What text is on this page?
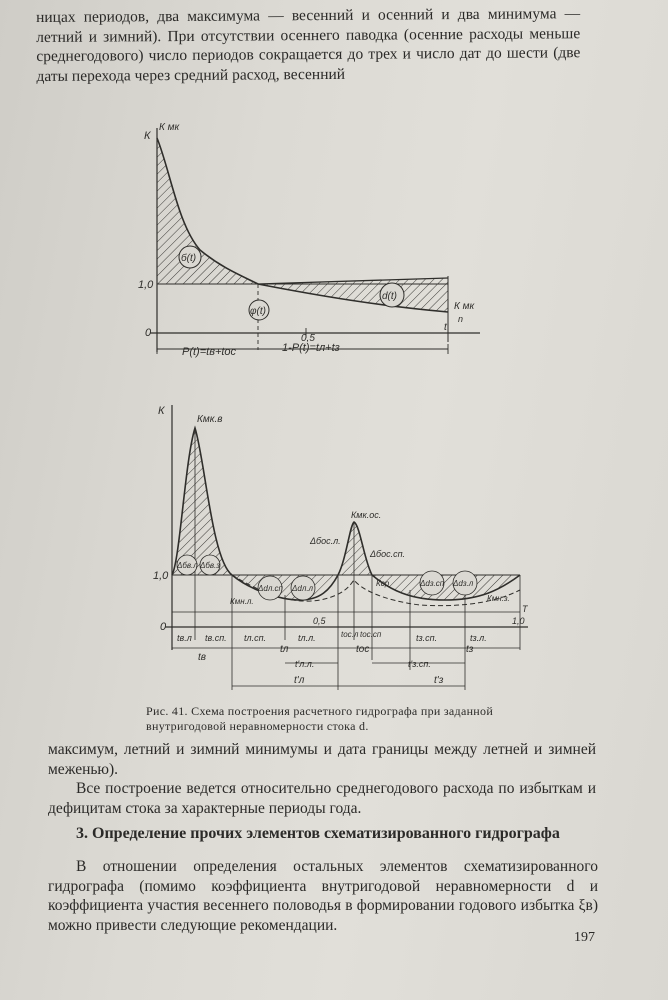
ницах периодов, два максимума — весенний и осенний и два минимума — летний и зимний). При отсутствии осеннего паводка (осенние расходы меньше среднегодового) число периодов сокращается до трех и число дат до шести (две даты перехода через средний расход, весенний

К
К мк
1,0
0
б(t)
φ(t)
d(t)
К мк
n
0,5
t
P(t)=tв+tос	1-P(t)=tл+tз
К
Кмк.в
Кмк.ос.
1,0
0
Δбв.л Δбв.з
Δdл.сп Δdл.л
Δбос.л.
Δбос.сп.
Кср	Δdз.сп Δdз.л
Кмн.л.	Кмн.з.
T
0,5	1,0
tв.л tв.сп. tл.сп.	tл.л.	tос.л tос.сп	tз.сп.	tз.л.
tв
tл	tос	tз
t'л.л.	t'з.сп.
t'л	t'з
Рис. 41. Схема построения расчетного гидрографа при заданной внутригодовой неравномерности стока d.

максимум, летний и зимний минимумы и дата границы между летней и зимней меженью).

Все построение ведется относительно среднегодового расхода по избыткам и дефицитам стока за характерные периоды года.

3. Определение прочих элементов схематизированного гидрографа

В отношении определения остальных элементов схематизированного гидрографа (помимо коэффициента внутригодовой неравномерности d и коэффициента участия весеннего половодья в формировании годового избытка ξв) можно привести следующие рекомендации.

197
